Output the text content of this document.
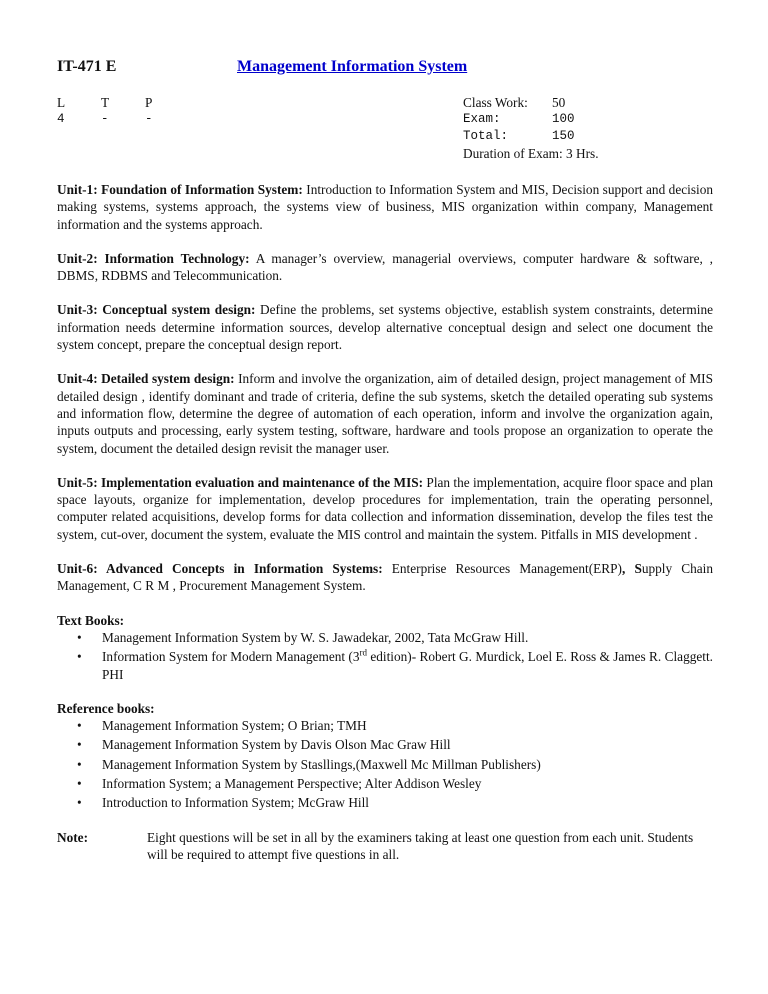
IT-471 E	Management Information System
L	T	P
4	-	-
Class Work:	50
Exam:	100
Total:	150
Duration of Exam: 3 Hrs.

Unit-1: Foundation of Information System: Introduction to Information System and MIS, Decision support and decision making systems, systems approach, the systems view of business, MIS organization within company, Management information and the systems approach.

Unit-2: Information Technology: A manager’s overview, managerial overviews, computer hardware & software, , DBMS, RDBMS and Telecommunication.

Unit-3: Conceptual system design: Define the problems, set systems objective, establish system constraints, determine information needs determine information sources, develop alternative conceptual design and select one document the system concept, prepare the conceptual design report.

Unit-4: Detailed system design: Inform and involve the organization, aim of detailed design, project management of MIS detailed design , identify dominant and trade of criteria, define the sub systems, sketch the detailed operating sub systems and information flow, determine the degree of automation of each operation, inform and involve the organization again, inputs outputs and processing, early system testing, software, hardware and tools propose an organization to operate the system, document the detailed design revisit the manager user.

Unit-5: Implementation evaluation and maintenance of the MIS: Plan the implementation, acquire floor space and plan space layouts, organize for implementation, develop procedures for implementation, train the operating personnel, computer related acquisitions, develop forms for data collection and information dissemination, develop the files test the system, cut-over, document the system, evaluate the MIS control and maintain the system. Pitfalls in MIS development .

Unit-6: Advanced Concepts in Information Systems: Enterprise Resources Management(ERP), Supply Chain Management, C R M , Procurement Management System.

Text Books:

• Management Information System by W. S. Jawadekar, 2002, Tata McGraw Hill.
• Information System for Modern Management (3rd edition)- Robert G. Murdick, Loel E. Ross & James R. Claggett. PHI

Reference books:

• Management Information System; O Brian; TMH
• Management Information System by Davis Olson Mac Graw Hill
• Management Information System by Stasllings,(Maxwell Mc Millman Publishers)
• Information System; a Management Perspective; Alter Addison Wesley
• Introduction to Information System; McGraw Hill
Note:	Eight questions will be set in all by the examiners taking at least one question from each unit. Students will be required to attempt five questions in all.
